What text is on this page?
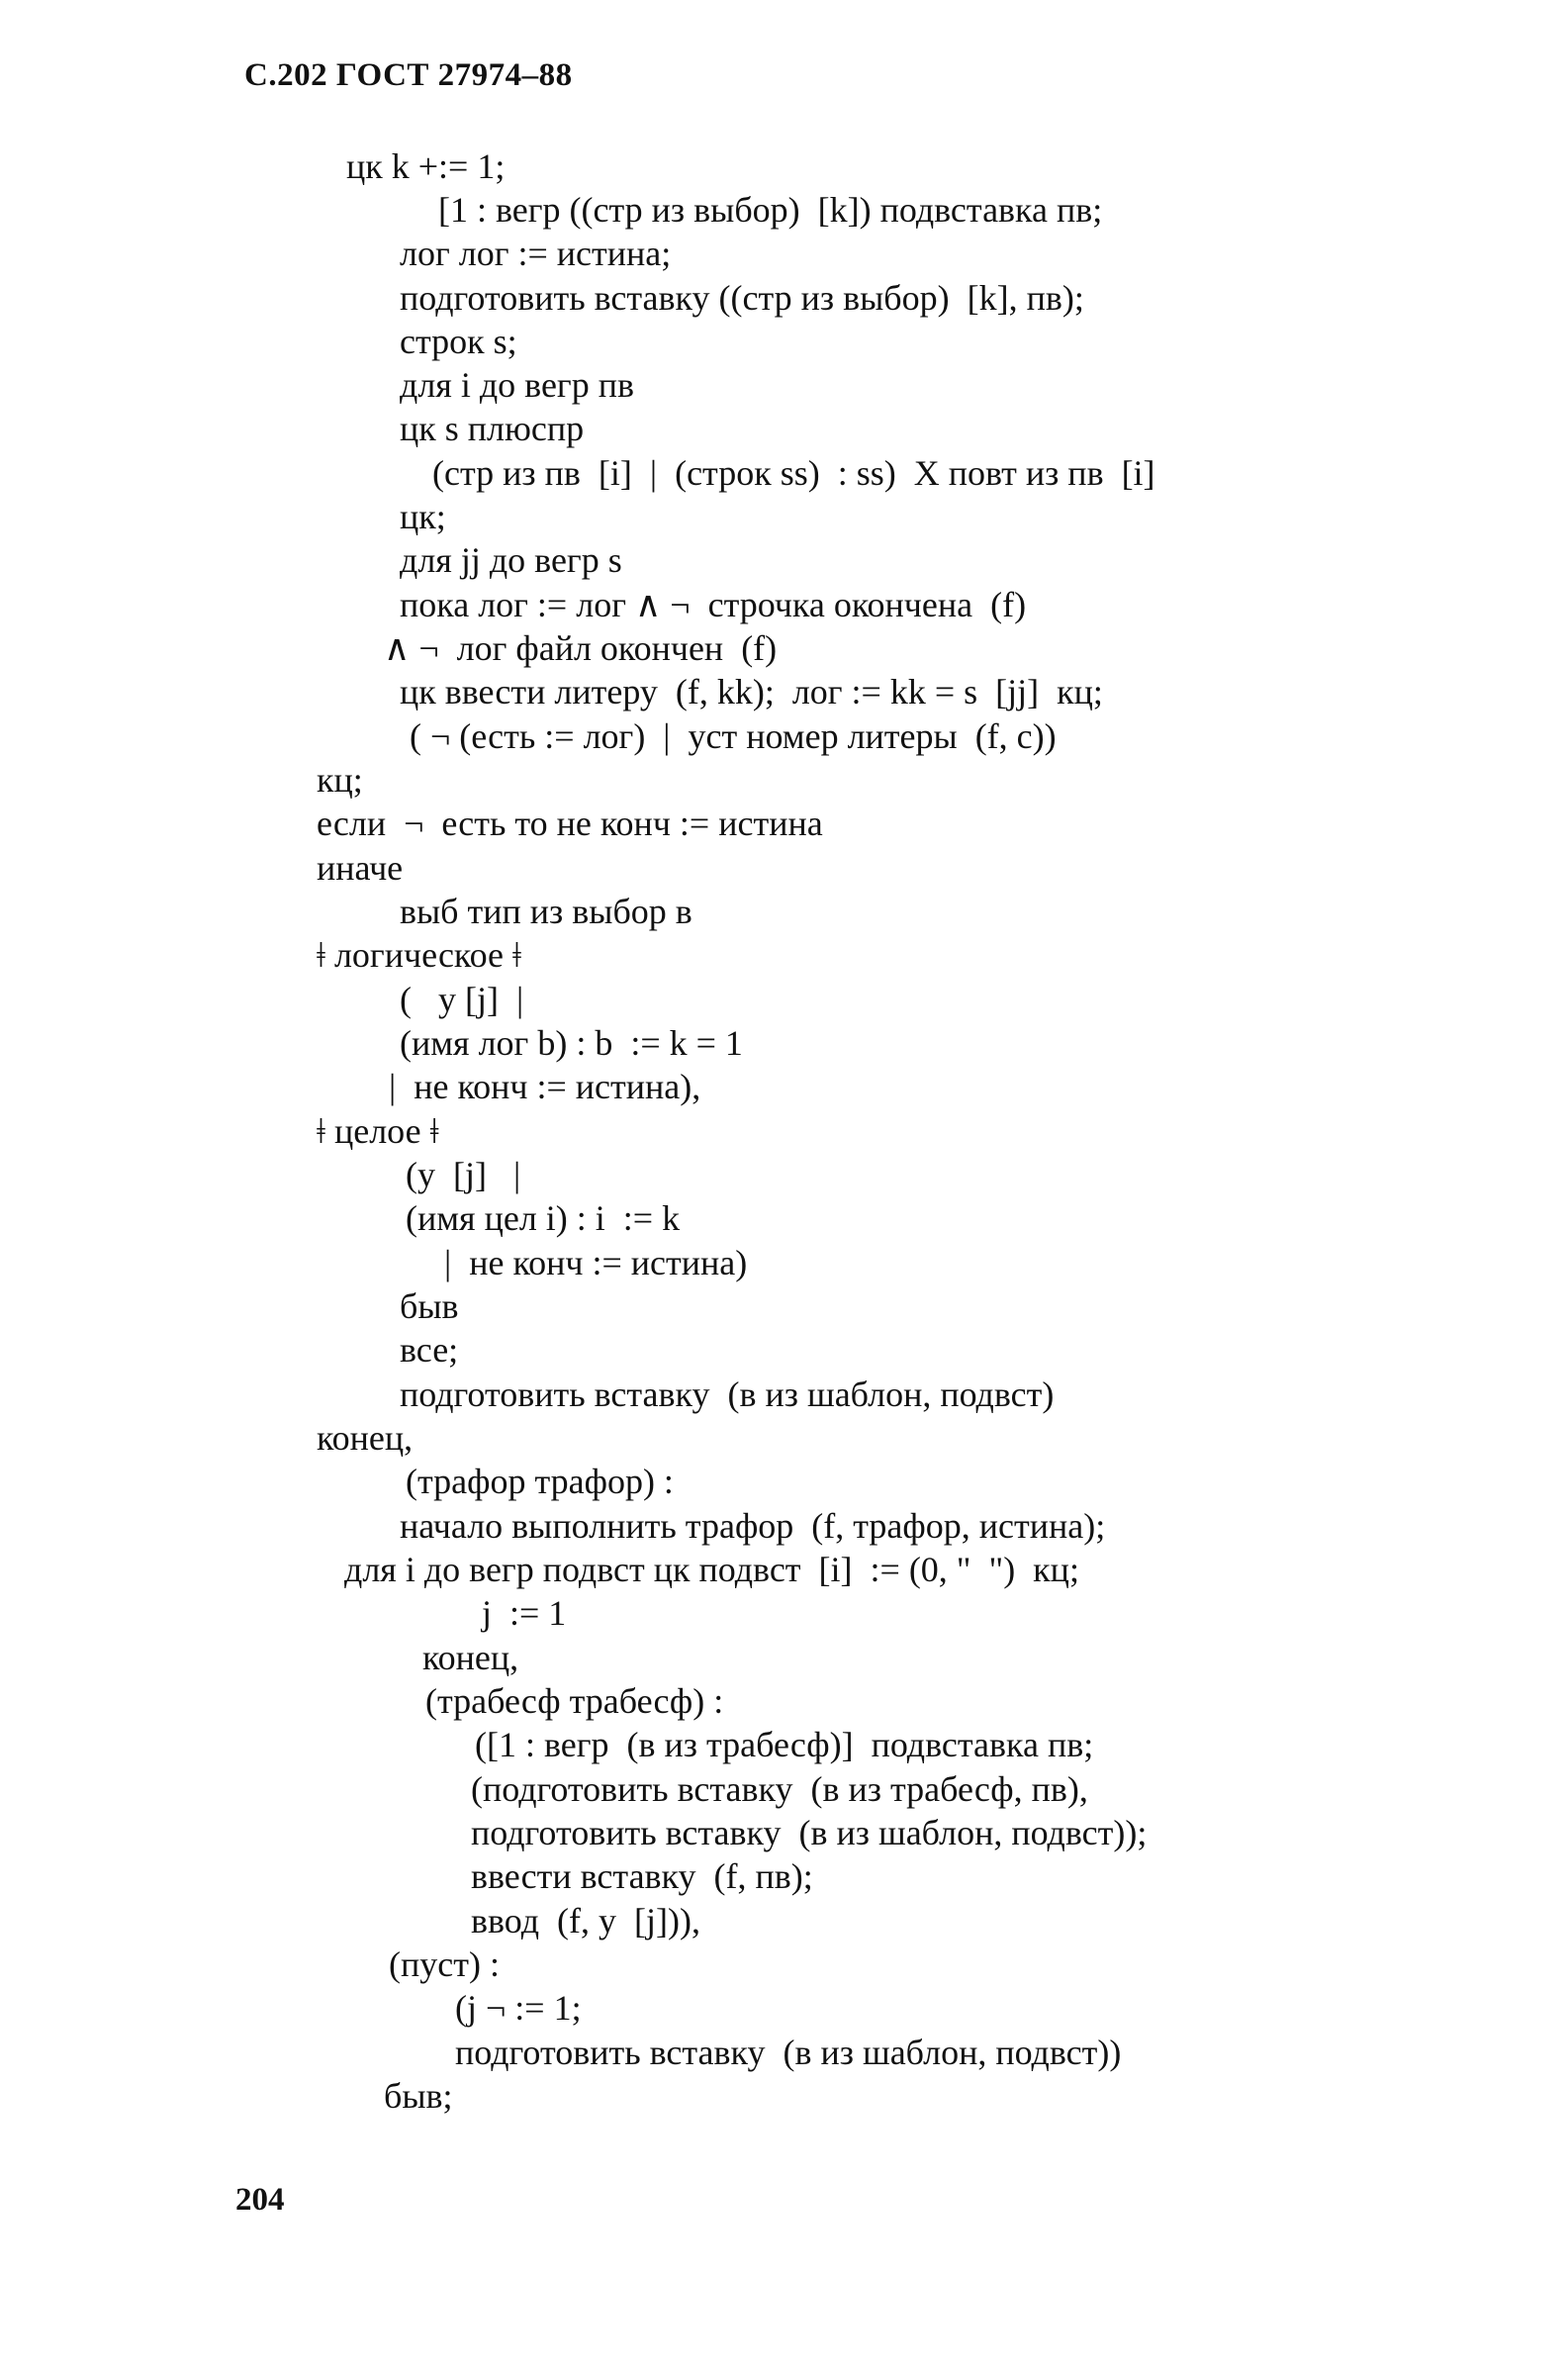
С.202 ГОСТ 27974–88
цк k +:= 1;
[1 : вегр ((стр из выбор)  [k]) подвставка пв;
лог лог := истина;
подготовить вставку ((стр из выбор)  [k], пв);
строк s;
для i до вегр пв
цк s плюспр
(стр из пв  [i]  |  (строк ss)  : ss)  X повт из пв  [i]
цк;
для jj до вегр s
пока лог := лог ∧ ¬  строчка окончена  (f)
∧ ¬  лог файл окончен  (f)
цк ввести литеру  (f, kk);  лог := kk = s  [jj]  кц;
( ¬ (есть := лог)  |  уст номер литеры  (f, c))
кц;
если  ¬  есть то не конч := истина
иначе
выб тип из выбор в
ǂ логическое ǂ
(   у [j]  |
(имя лог b) : b  := k = 1
|  не конч := истина),
ǂ целое ǂ
(у  [j]   |
(имя цел i) : i  := k
|  не конч := истина)
быв
все;
подготовить вставку  (в из шаблон, подвст)
конец,
(трафор трафор) :
начало выполнить трафор  (f, трафор, истина);
для i до вегр подвст цк подвст  [i]  := (0, "  ")  кц;
j  := 1
конец,
(трабесф трабесф) :
([1 : вегр  (в из трабесф)]  подвставка пв;
(подготовить вставку  (в из трабесф, пв),
подготовить вставку  (в из шаблон, подвст));
ввести вставку  (f, пв);
ввод  (f, у  [j])),
(пуст) :
(j ¬ := 1;
подготовить вставку  (в из шаблон, подвст))
быв;
204
